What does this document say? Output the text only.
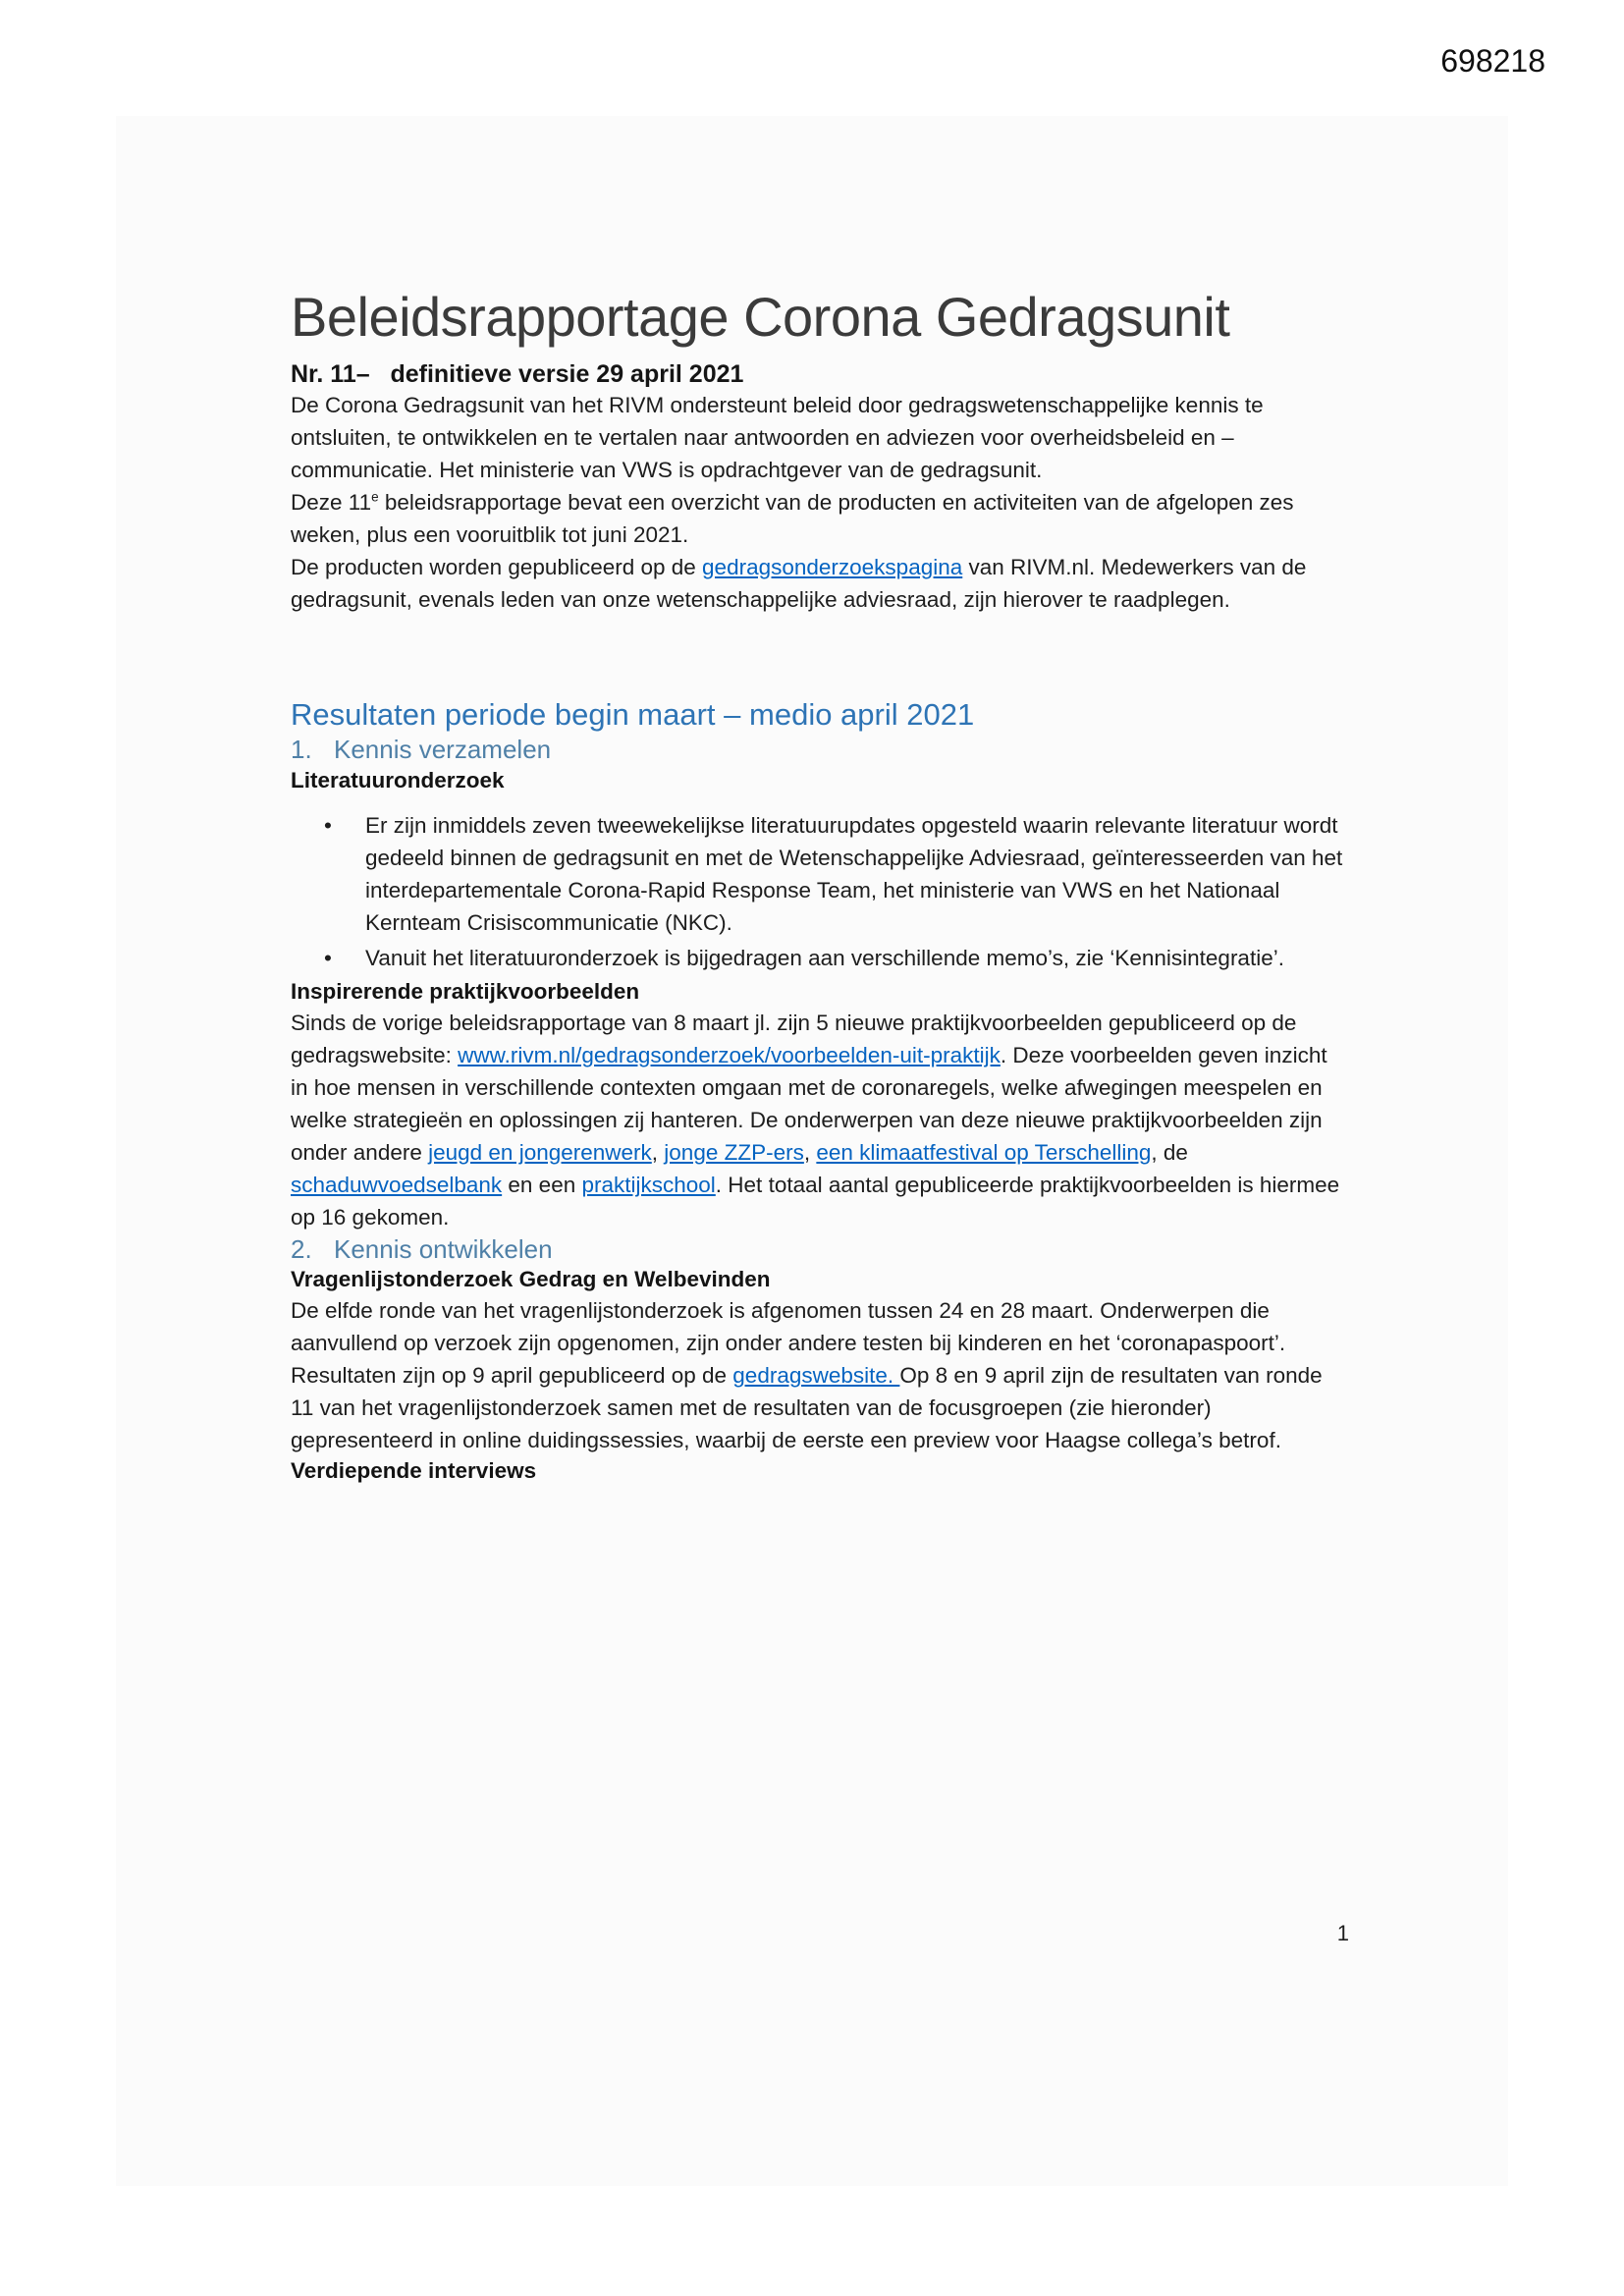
698218
Beleidsrapportage Corona Gedragsunit
Nr. 11–   definitieve versie 29 april 2021

De Corona Gedragsunit van het RIVM ondersteunt beleid door gedragswetenschappelijke kennis te ontsluiten, te ontwikkelen en te vertalen naar antwoorden en adviezen voor overheidsbeleid en – communicatie. Het ministerie van VWS is opdrachtgever van de gedragsunit.

Deze 11e beleidsrapportage bevat een overzicht van de producten en activiteiten van de afgelopen zes weken, plus een vooruitblik tot juni 2021.
De producten worden gepubliceerd op de gedragsonderzoekspagina van RIVM.nl. Medewerkers van de gedragsunit, evenals leden van onze wetenschappelijke adviesraad, zijn hierover te raadplegen.

Resultaten periode begin maart – medio april 2021
1. Kennis verzamelen
Literatuuronderzoek
• Er zijn inmiddels zeven tweewekelijkse literatuurupdates opgesteld waarin relevante literatuur wordt gedeeld binnen de gedragsunit en met de Wetenschappelijke Adviesraad, geïnteresseerden van het interdepartementale Corona-Rapid Response Team, het ministerie van VWS en het Nationaal Kernteam Crisiscommunicatie (NKC).
• Vanuit het literatuuronderzoek is bijgedragen aan verschillende memo’s, zie ‘Kennisintegratie’.
Inspirerende praktijkvoorbeelden

Sinds de vorige beleidsrapportage van 8 maart jl. zijn 5 nieuwe praktijkvoorbeelden gepubliceerd op de gedragswebsite: www.rivm.nl/gedragsonderzoek/voorbeelden-uit-praktijk. Deze voorbeelden geven inzicht in hoe mensen in verschillende contexten omgaan met de coronaregels, welke afwegingen meespelen en welke strategieën en oplossingen zij hanteren. De onderwerpen van deze nieuwe praktijkvoorbeelden zijn onder andere jeugd en jongerenwerk, jonge ZZP-ers, een klimaatfestival op Terschelling, de schaduwvoedselbank en een praktijkschool. Het totaal aantal gepubliceerde praktijkvoorbeelden is hiermee op 16 gekomen.

2. Kennis ontwikkelen
Vragenlijstonderzoek Gedrag en Welbevinden

De elfde ronde van het vragenlijstonderzoek is afgenomen tussen 24 en 28 maart. Onderwerpen die aanvullend op verzoek zijn opgenomen, zijn onder andere testen bij kinderen en het ‘coronapaspoort’. Resultaten zijn op 9 april gepubliceerd op de gedragswebsite. Op 8 en 9 april zijn de resultaten van ronde 11 van het vragenlijstonderzoek samen met de resultaten van de focusgroepen (zie hieronder) gepresenteerd in online duidingssessies, waarbij de eerste een preview voor Haagse collega’s betrof.

Verdiepende interviews
1
